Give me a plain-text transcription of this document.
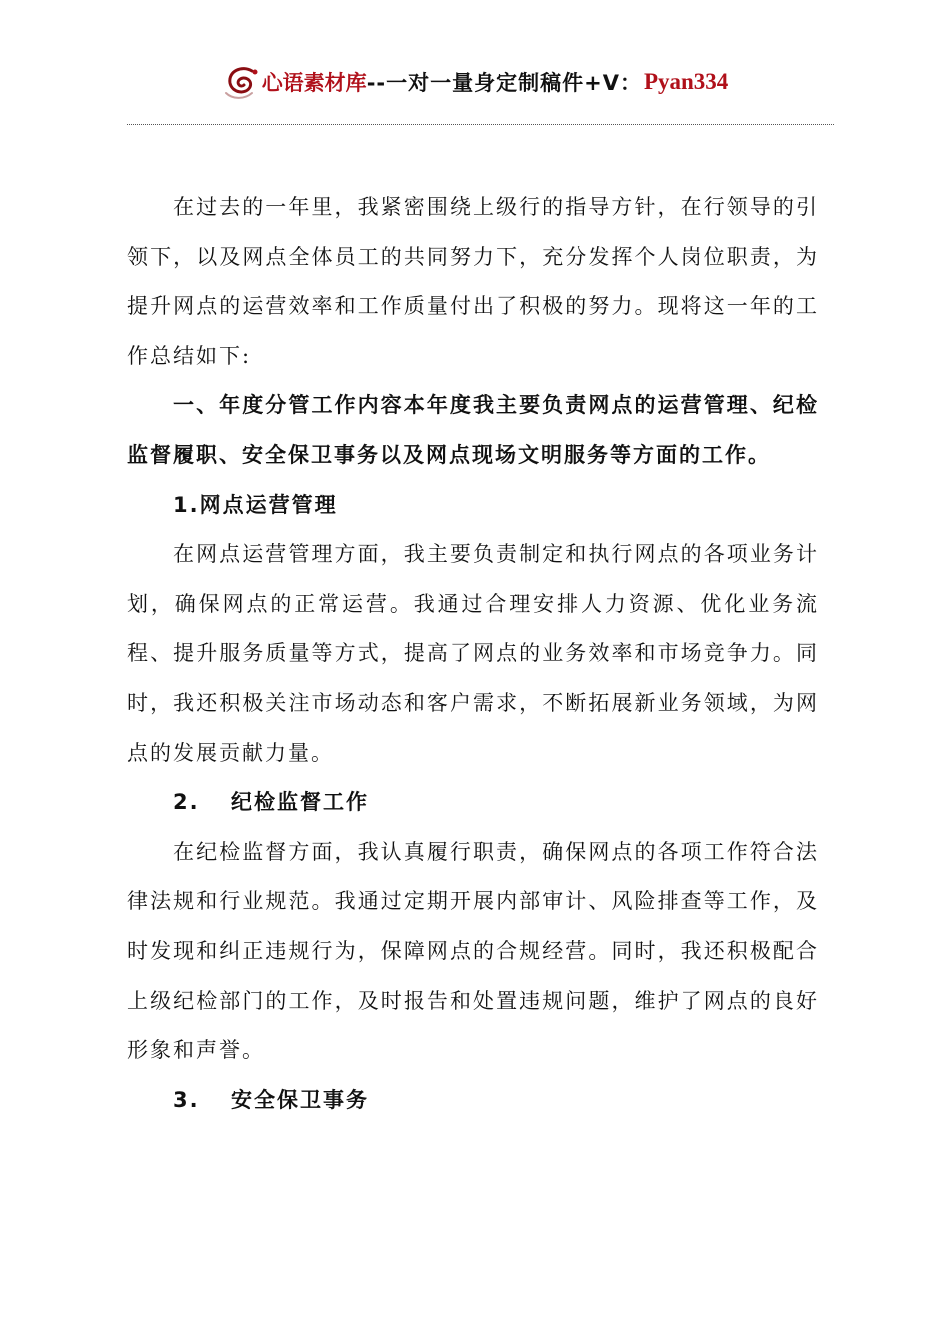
心语素材库 --一对一量身定制稿件+V： Pyan334

在过去的一年里，我紧密围绕上级行的指导方针，在行领导的引领下，以及网点全体员工的共同努力下，充分发挥个人岗位职责，为提升网点的运营效率和工作质量付出了积极的努力。现将这一年的工作总结如下:

一、年度分管工作内容本年度我主要负责网点的运营管理、纪检监督履职、安全保卫事务以及网点现场文明服务等方面的工作。

1.网点运营管理

在网点运营管理方面，我主要负责制定和执行网点的各项业务计划，确保网点的正常运营。我通过合理安排人力资源、优化业务流程、提升服务质量等方式，提高了网点的业务效率和市场竞争力。同时，我还积极关注市场动态和客户需求，不断拓展新业务领域，为网点的发展贡献力量。

2. 纪检监督工作

在纪检监督方面，我认真履行职责，确保网点的各项工作符合法律法规和行业规范。我通过定期开展内部审计、风险排查等工作，及时发现和纠正违规行为，保障网点的合规经营。同时，我还积极配合上级纪检部门的工作，及时报告和处置违规问题，维护了网点的良好形象和声誉。

3. 安全保卫事务
